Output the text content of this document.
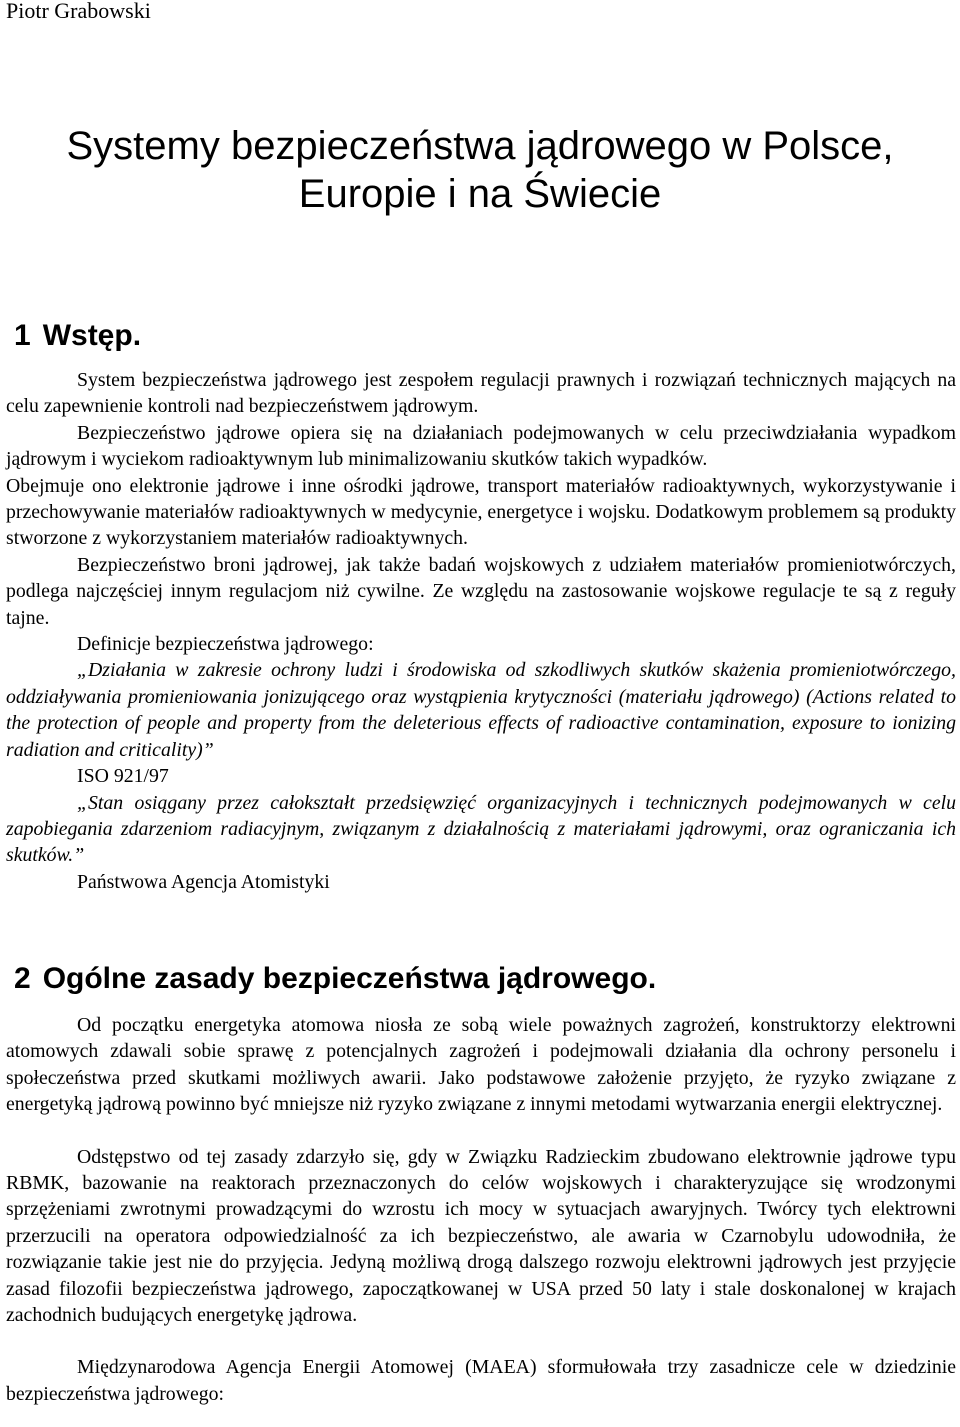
Piotr Grabowski
Systemy bezpieczeństwa jądrowego w Polsce,
Europie i na Świecie
1 Wstęp.

System bezpieczeństwa jądrowego jest zespołem regulacji prawnych i rozwiązań technicznych mających na celu zapewnienie kontroli nad bezpieczeństwem jądrowym.

Bezpieczeństwo jądrowe opiera się na działaniach podejmowanych w celu przeciwdziałania wypadkom jądrowym i wyciekom radioaktywnym lub minimalizowaniu skutków takich wypadków.

Obejmuje ono elektronie jądrowe i inne ośrodki jądrowe, transport materiałów radioaktywnych, wykorzystywanie i przechowywanie materiałów radioaktywnych w medycynie, energetyce i wojsku. Dodatkowym problemem są produkty stworzone z wykorzystaniem materiałów radioaktywnych.

Bezpieczeństwo broni jądrowej, jak także badań wojskowych z udziałem materiałów promieniotwórczych, podlega najczęściej innym regulacjom niż cywilne. Ze względu na zastosowanie wojskowe regulacje te są z reguły tajne.

Definicje bezpieczeństwa jądrowego:

„Działania w zakresie ochrony ludzi i środowiska od szkodliwych skutków skażenia promieniotwórczego, oddziaływania promieniowania jonizującego oraz wystąpienia krytyczności (materiału jądrowego) (Actions related to the protection of people and property from the deleterious effects of radioactive contamination, exposure to ionizing radiation and criticality)”

ISO 921/97

„Stan osiągany przez całokształt przedsięwzięć organizacyjnych i technicznych podejmowanych w celu zapobiegania zdarzeniom radiacyjnym, związanym z działalnością z materiałami jądrowymi, oraz ograniczania ich skutków.”

Państwowa Agencja Atomistyki

2 Ogólne zasady bezpieczeństwa jądrowego.

Od początku energetyka atomowa niosła ze sobą wiele poważnych zagrożeń, konstruktorzy elektrowni atomowych zdawali sobie sprawę z potencjalnych zagrożeń i podejmowali działania dla ochrony personelu i społeczeństwa przed skutkami możliwych awarii. Jako podstawowe założenie przyjęto, że ryzyko związane z energetyką jądrową powinno być mniejsze niż ryzyko związane z innymi metodami wytwarzania energii elektrycznej.

Odstępstwo od tej zasady zdarzyło się, gdy w Związku Radzieckim zbudowano elektrownie jądrowe typu RBMK, bazowanie na reaktorach przeznaczonych do celów wojskowych i charakteryzujące się wrodzonymi sprzężeniami zwrotnymi prowadzącymi do wzrostu ich mocy w sytuacjach awaryjnych. Twórcy tych elektrowni przerzucili na operatora odpowiedzialność za ich bezpieczeństwo, ale awaria w Czarnobylu udowodniła, że rozwiązanie takie jest nie do przyjęcia. Jedyną możliwą drogą dalszego rozwoju elektrowni jądrowych jest przyjęcie zasad filozofii bezpieczeństwa jądrowego, zapoczątkowanej w USA przed 50 laty i stale doskonalonej w krajach zachodnich budujących energetykę jądrowa.

Międzynarodowa Agencja Energii Atomowej (MAEA) sformułowała trzy zasadnicze cele w dziedzinie bezpieczeństwa jądrowego:
